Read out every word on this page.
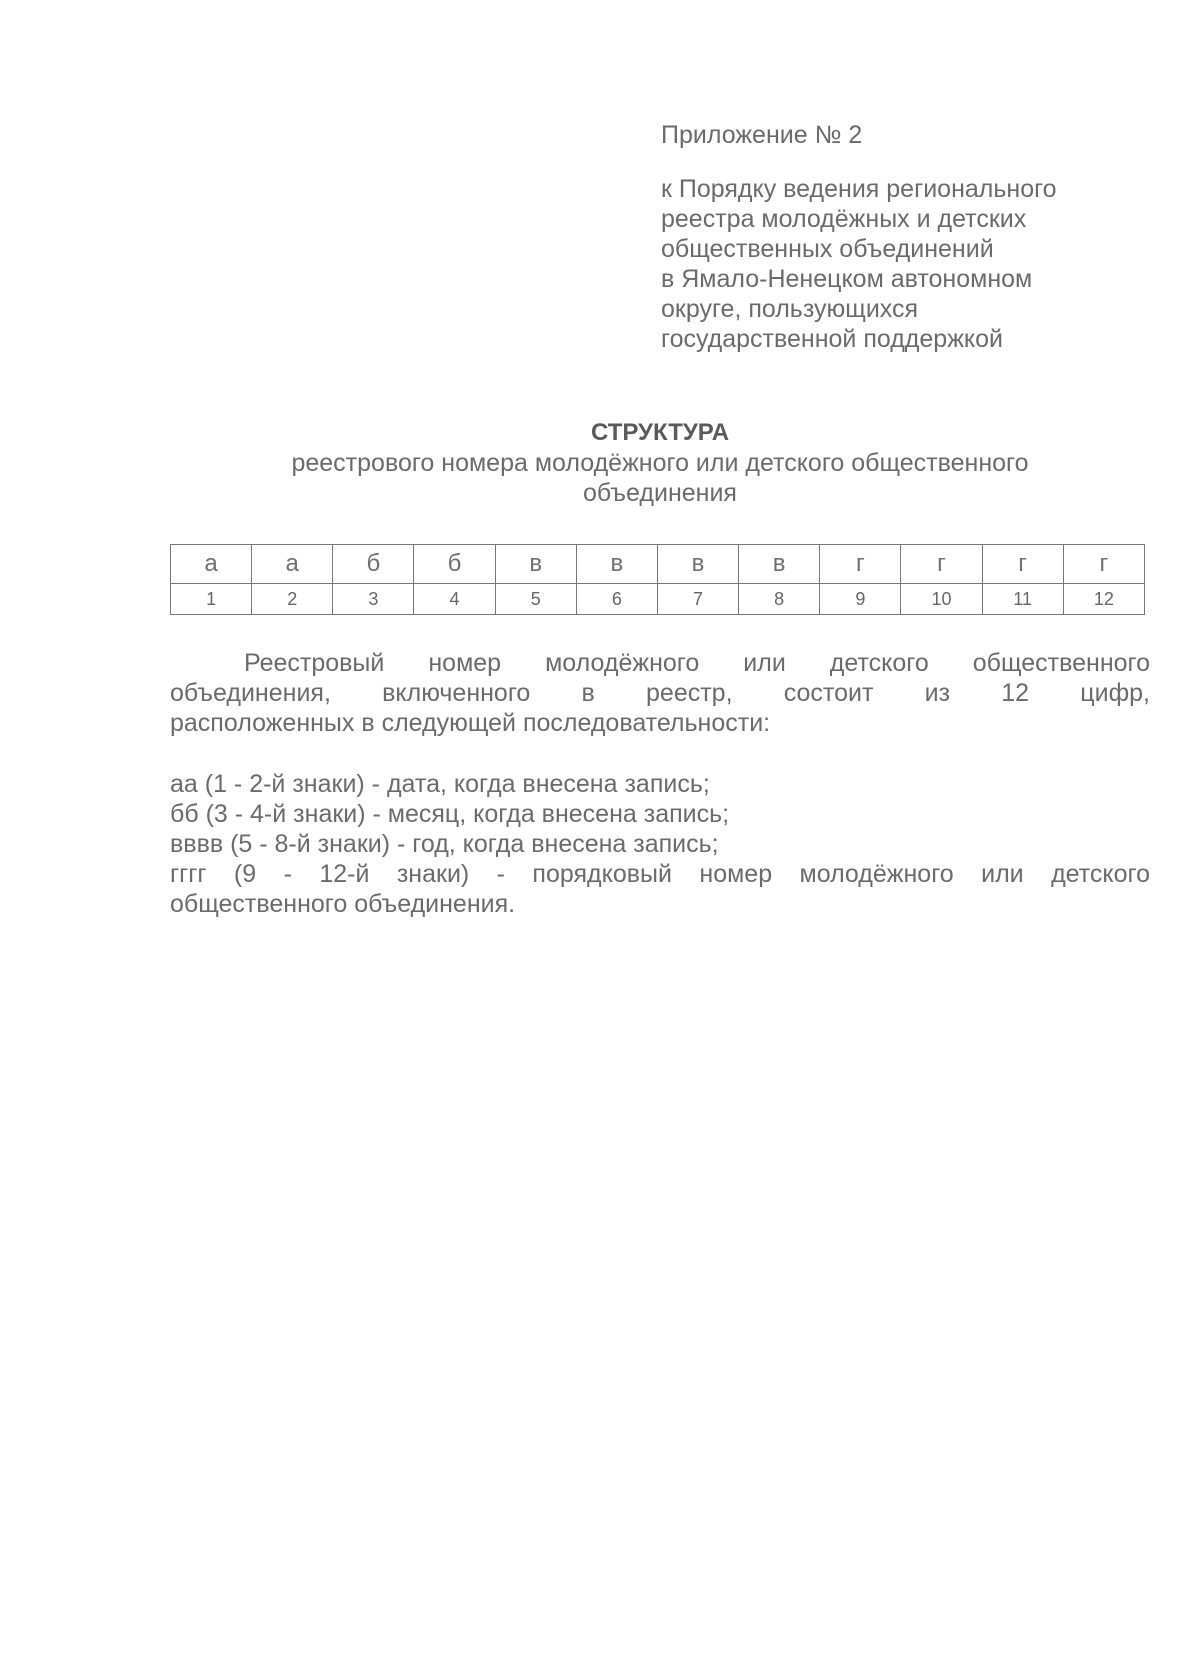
Приложение № 2

к Порядку ведения регионального
реестра молодёжных и детских
общественных объединений
в Ямало-Ненецком автономном
округе, пользующихся
государственной поддержкой

СТРУКТУРА

реестрового номера молодёжного или детского общественного
объединения

а	а	б	б	в	в	в	в	г	г	г	г
1	2	3	4	5	6	7	8	9	10	11	12

Реестровый номер молодёжного или детского общественного
объединения, включенного в реестр, состоит из 12 цифр,
расположенных в следующей последовательности:

аа (1 - 2-й знаки) - дата, когда внесена запись;
бб (3 - 4-й знаки) - месяц, когда внесена запись;
вввв (5 - 8-й знаки) - год, когда внесена запись;
гггг (9 - 12-й знаки) - порядковый номер молодёжного или детского
общественного объединения.
